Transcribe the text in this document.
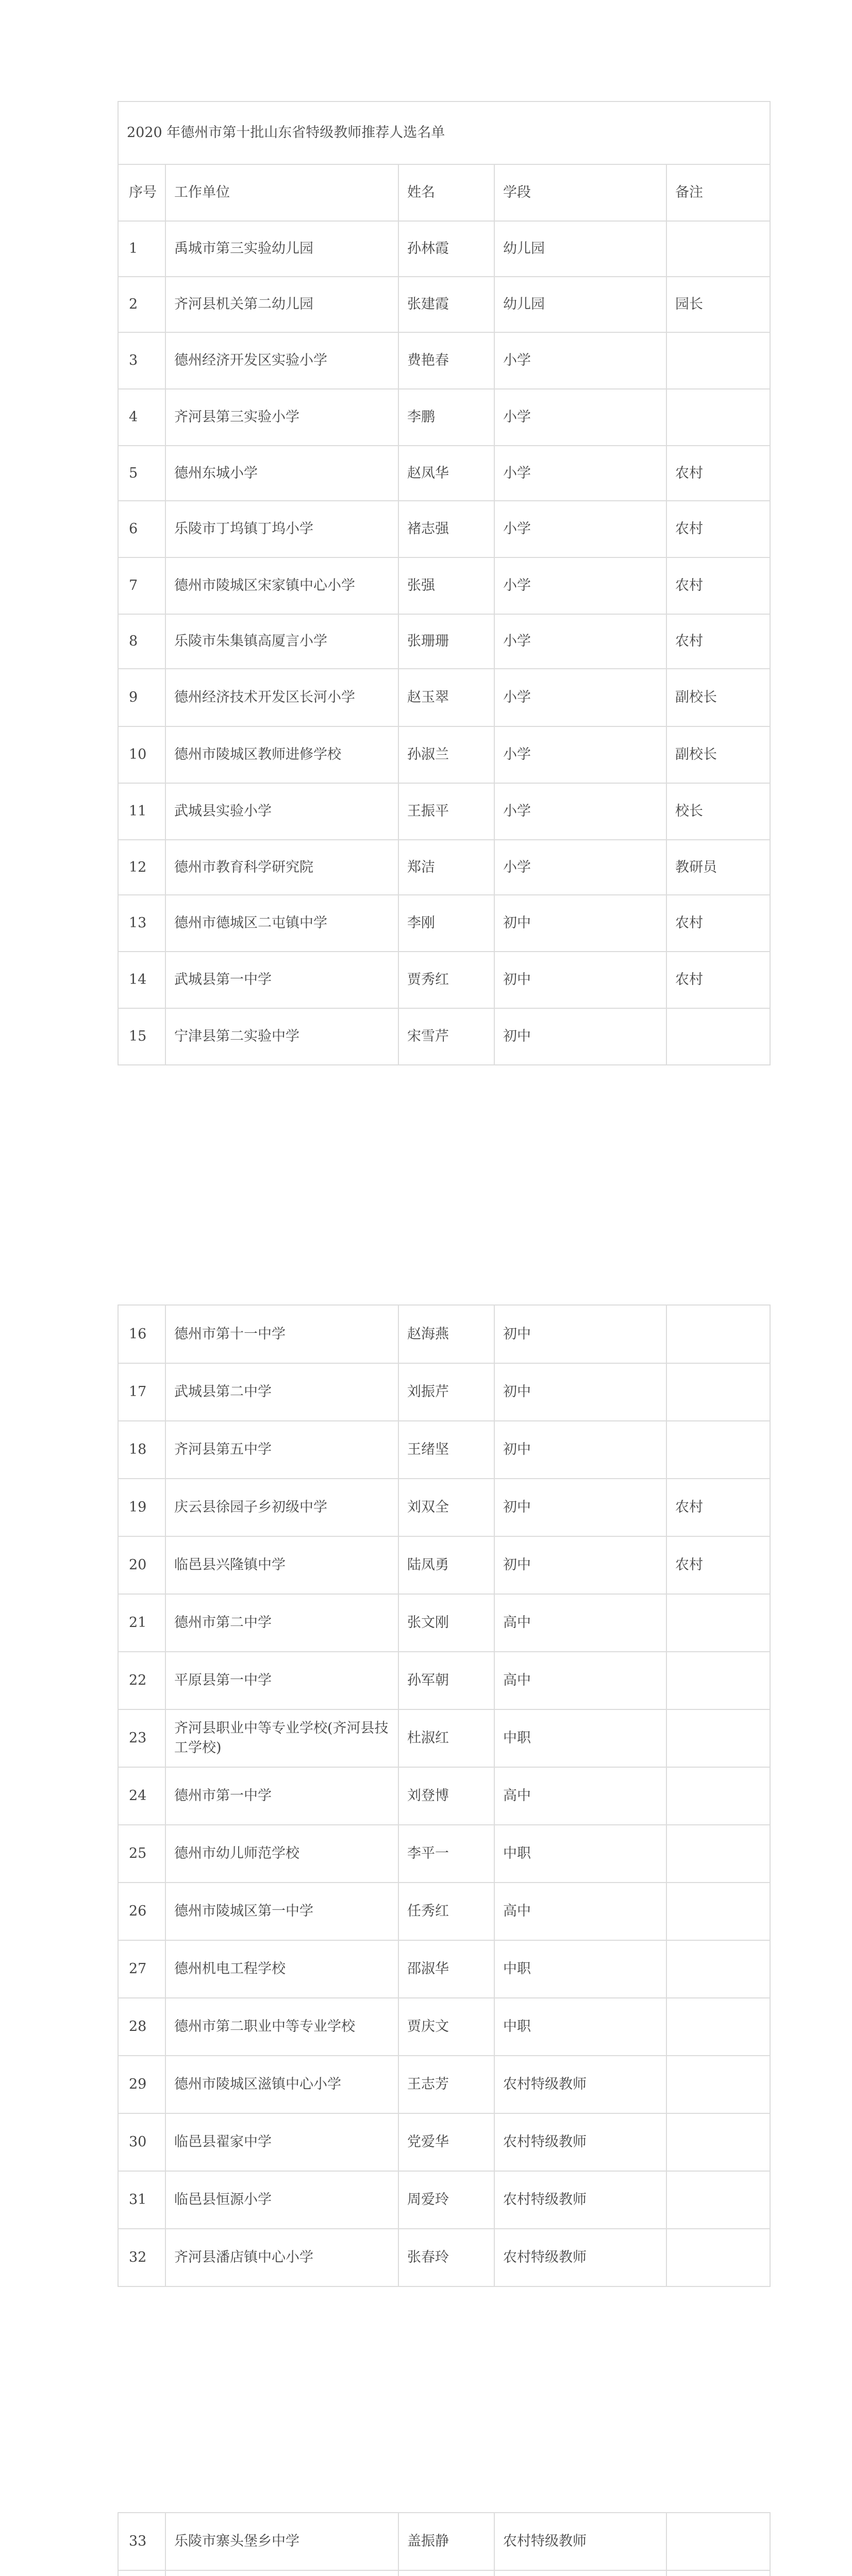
2020 年德州市第十批山东省特级教师推荐人选名单				
序号	工作单位	姓名	学段	备注
1	禹城市第三实验幼儿园	孙林霞	幼儿园	
2	齐河县机关第二幼儿园	张建霞	幼儿园	园长
3	德州经济开发区实验小学	费艳春	小学	
4	齐河县第三实验小学	李鹏	小学	
5	德州东城小学	赵凤华	小学	农村
6	乐陵市丁坞镇丁坞小学	褚志强	小学	农村
7	德州市陵城区宋家镇中心小学	张强	小学	农村
8	乐陵市朱集镇高厦言小学	张珊珊	小学	农村
9	德州经济技术开发区长河小学	赵玉翠	小学	副校长
10	德州市陵城区教师进修学校	孙淑兰	小学	副校长
11	武城县实验小学	王振平	小学	校长
12	德州市教育科学研究院	郑洁	小学	教研员
13	德州市德城区二屯镇中学	李刚	初中	农村
14	武城县第一中学	贾秀红	初中	农村
15	宁津县第二实验中学	宋雪芹	初中	
16	德州市第十一中学	赵海燕	初中	
17	武城县第二中学	刘振芹	初中	
18	齐河县第五中学	王绪坚	初中	
19	庆云县徐园子乡初级中学	刘双全	初中	农村
20	临邑县兴隆镇中学	陆凤勇	初中	农村
21	德州市第二中学	张文刚	高中	
22	平原县第一中学	孙军朝	高中	
23	齐河县职业中等专业学校(齐河县技工学校)	杜淑红	中职	
24	德州市第一中学	刘登博	高中	
25	德州市幼儿师范学校	李平一	中职	
26	德州市陵城区第一中学	任秀红	高中	
27	德州机电工程学校	邵淑华	中职	
28	德州市第二职业中等专业学校	贾庆文	中职	
29	德州市陵城区滋镇中心小学	王志芳	农村特级教师	
30	临邑县翟家中学	党爱华	农村特级教师	
31	临邑县恒源小学	周爱玲	农村特级教师	
32	齐河县潘店镇中心小学	张春玲	农村特级教师	
33	乐陵市寨头堡乡中学	盖振静	农村特级教师	
